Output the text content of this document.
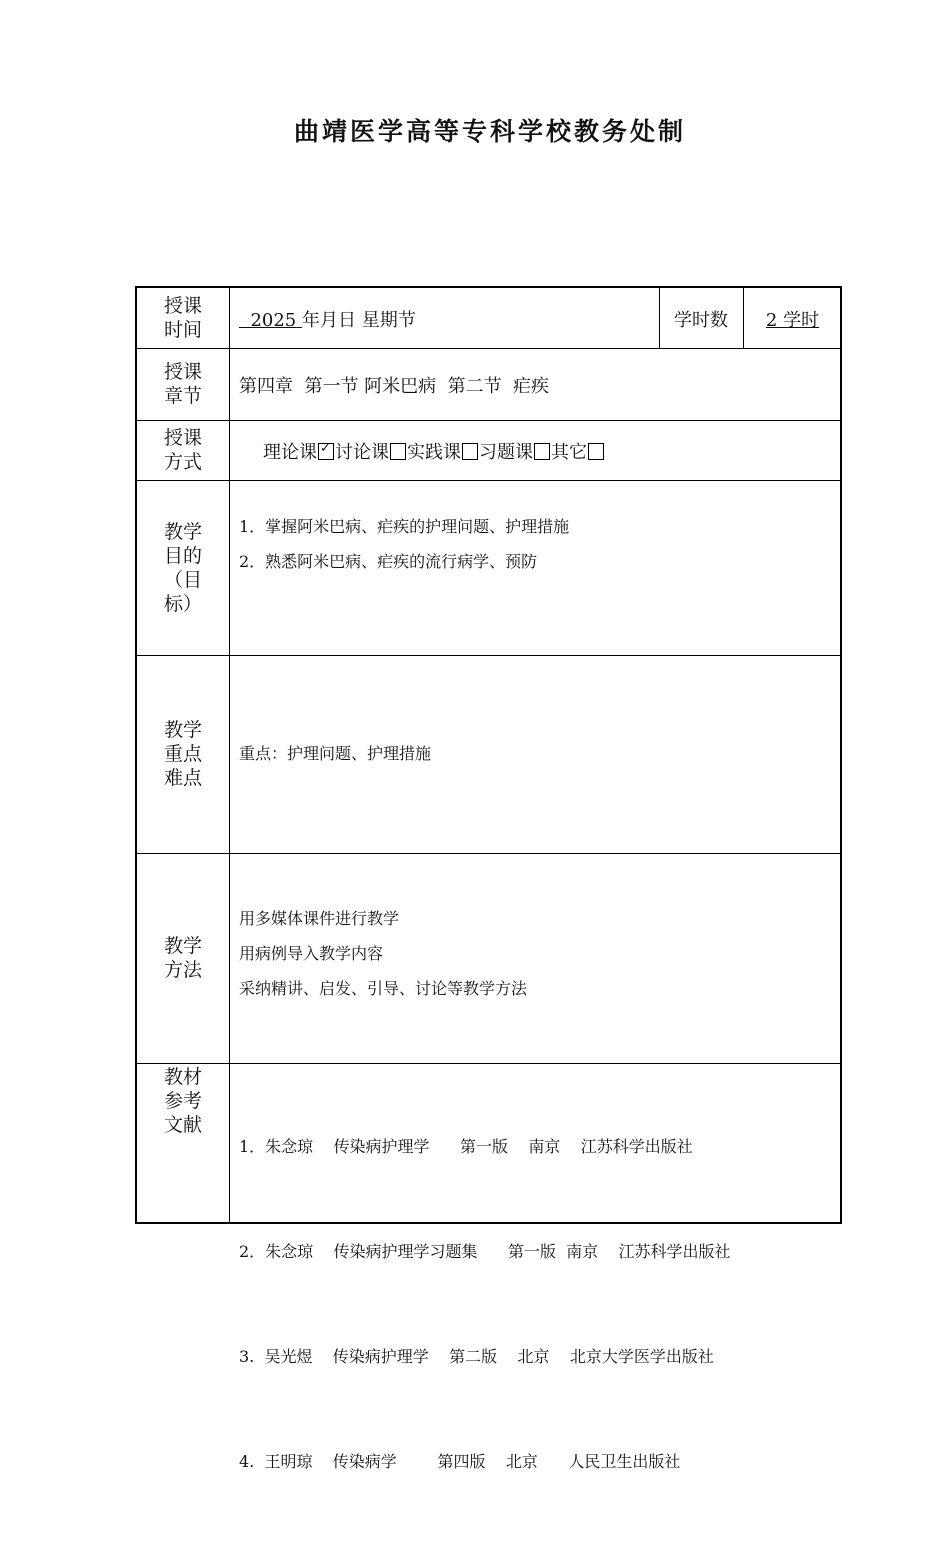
曲靖医学高等专科学校教务处制
授课时间	2025 年月日 星期节	学时数	2 学时
授课章节 第四章  第一节 阿米巴病  第二节  疟疾
授课方式	理论课✓ 讨论课 实践课 习题课 其它
教学目的（目标）
1．掌握阿米巴病、疟疾的护理问题、护理措施
2．熟悉阿米巴病、疟疾的流行病学、预防
教学重点难点
重点：护理问题、护理措施
教学方法
用多媒体课件进行教学
用病例导入教学内容
采纳精讲、启发、引导、讨论等教学方法
教材参考文献

1．朱念琼    传染病护理学      第一版    南京    江苏科学出版社

2．朱念琼    传染病护理学习题集      第一版  南京    江苏科学出版社

3.  吴光煜    传染病护理学    第二版    北京    北京大学医学出版社

4.  王明琼    传染病学        第四版    北京      人民卫生出版社
